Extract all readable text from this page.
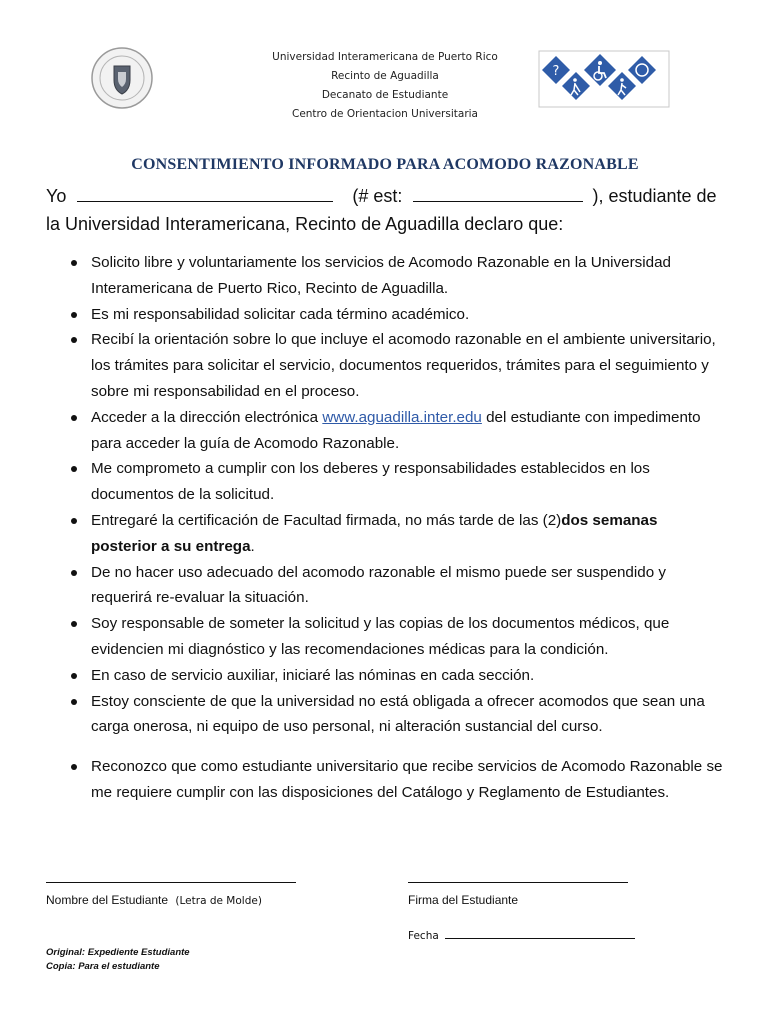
Universidad Interamericana de Puerto Rico
Recinto de Aguadilla
Decanato de Estudiante
Centro de Orientacion Universitaria
?
CONSENTIMIENTO INFORMADO PARA ACOMODO RAZONABLE
Yo	(# est:	), estudiante de
la Universidad Interamericana, Recinto de Aguadilla declaro que:
Solicito libre y voluntariamente los servicios de Acomodo Razonable en la Universidad Interamericana de Puerto Rico, Recinto de Aguadilla.
Es mi responsabilidad solicitar cada término académico.
Recibí la orientación sobre lo que incluye el acomodo razonable en el ambiente universitario, los trámites para solicitar el servicio, documentos requeridos, trámites para el seguimiento y sobre mi responsabilidad en el proceso.
Acceder a la dirección electrónica www.aguadilla.inter.edu del estudiante con impedimento para acceder la guía de Acomodo Razonable.
Me comprometo a cumplir con los deberes y responsabilidades establecidos en los documentos de la solicitud.
Entregaré la certificación de Facultad firmada, no más tarde de las (2)dos semanas posterior a su entrega.
De no hacer uso adecuado del acomodo razonable el mismo puede ser suspendido y requerirá re-evaluar la situación.
Soy responsable de someter la solicitud y las copias de los documentos médicos, que evidencien mi diagnóstico y las recomendaciones médicas para la condición.
En caso de servicio auxiliar, iniciaré las nóminas en cada sección.
Estoy consciente de que la universidad no está obligada a ofrecer acomodos que sean una carga onerosa, ni equipo de uso personal, ni alteración sustancial del curso.
Reconozco que como estudiante universitario que recibe servicios de Acomodo Razonable se me requiere cumplir con las disposiciones del Catálogo y Reglamento de Estudiantes.
Nombre del Estudiante (Letra de Molde)	Firma del Estudiante
Fecha
Original: Expediente Estudiante
Copia: Para el estudiante
